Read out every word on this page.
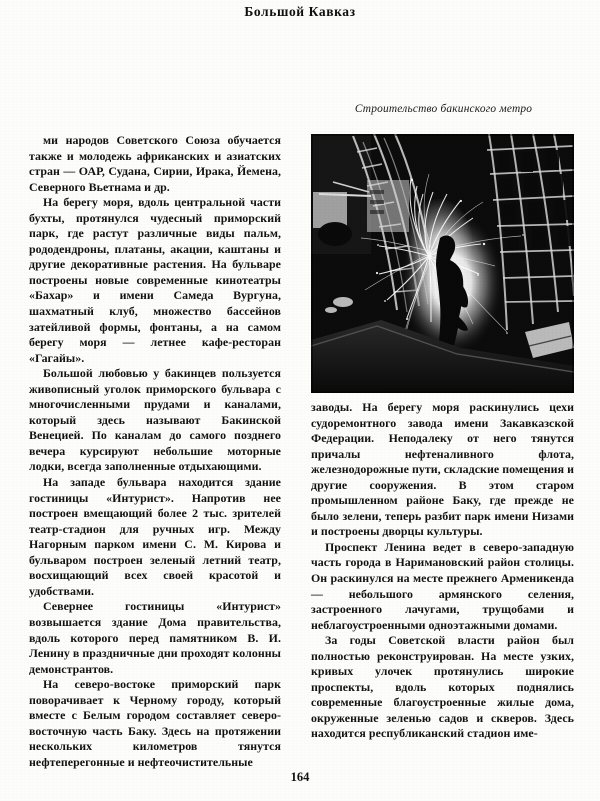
Большой Кавказ
Строительство бакинского метро

ми народов Советского Союза обучается также и молодежь африканских и азиатских стран — ОАР, Судана, Сирии, Ирака, Йемена, Северного Вьетнама и др.

На берегу моря, вдоль центральной части бухты, протянулся чудесный приморский парк, где растут различные виды пальм, рододендроны, платаны, акации, каштаны и другие декоративные растения. На бульваре построены новые современные кинотеатры «Бахар» и имени Самеда Вургуна, шахматный клуб, множество бассейнов затейливой формы, фонтаны, а на самом берегу моря — летнее кафе-ресторан «Гагайы».

Большой любовью у бакинцев пользуется живописный уголок приморского бульвара с многочисленными прудами и каналами, который здесь называют Бакинской Венецией. По каналам до самого позднего вечера курсируют небольшие моторные лодки, всегда заполненные отдыхающими.

На западе бульвара находится здание гостиницы «Интурист». Напротив нее построен вмещающий более 2 тыс. зрителей театр-стадион для ручных игр. Между Нагорным парком имени С. М. Кирова и бульваром построен зеленый летний театр, восхищающий всех своей красотой и удобствами.

Севернее гостиницы «Интурист» возвышается здание Дома правительства, вдоль которого перед памятником В. И. Ленину в праздничные дни проходят колонны демонстрантов.

На северо-востоке приморский парк поворачивает к Черному городу, который вместе с Белым городом составляет северо-восточную часть Баку. Здесь на протяжении нескольких километров тянутся нефтеперегонные и нефтеочистительные

заводы. На берегу моря раскинулись цехи судоремонтного завода имени Закавказской Федерации. Неподалеку от него тянутся причалы нефтеналивного флота, железнодорожные пути, складские помещения и другие сооружения. В этом старом промышленном районе Баку, где прежде не было зелени, теперь разбит парк имени Низами и построены дворцы культуры.

Проспект Ленина ведет в северо-западную часть города в Наримановский район столицы. Он раскинулся на месте прежнего Арменикенда — небольшого армянского селения, застроенного лачугами, трущобами и неблагоустроенными одноэтажными домами.

За годы Советской власти район был полностью реконструирован. На месте узких, кривых улочек протянулись широкие проспекты, вдоль которых поднялись современные благоустроенные жилые дома, окруженные зеленью садов и скверов. Здесь находится республиканский стадион име-

164
